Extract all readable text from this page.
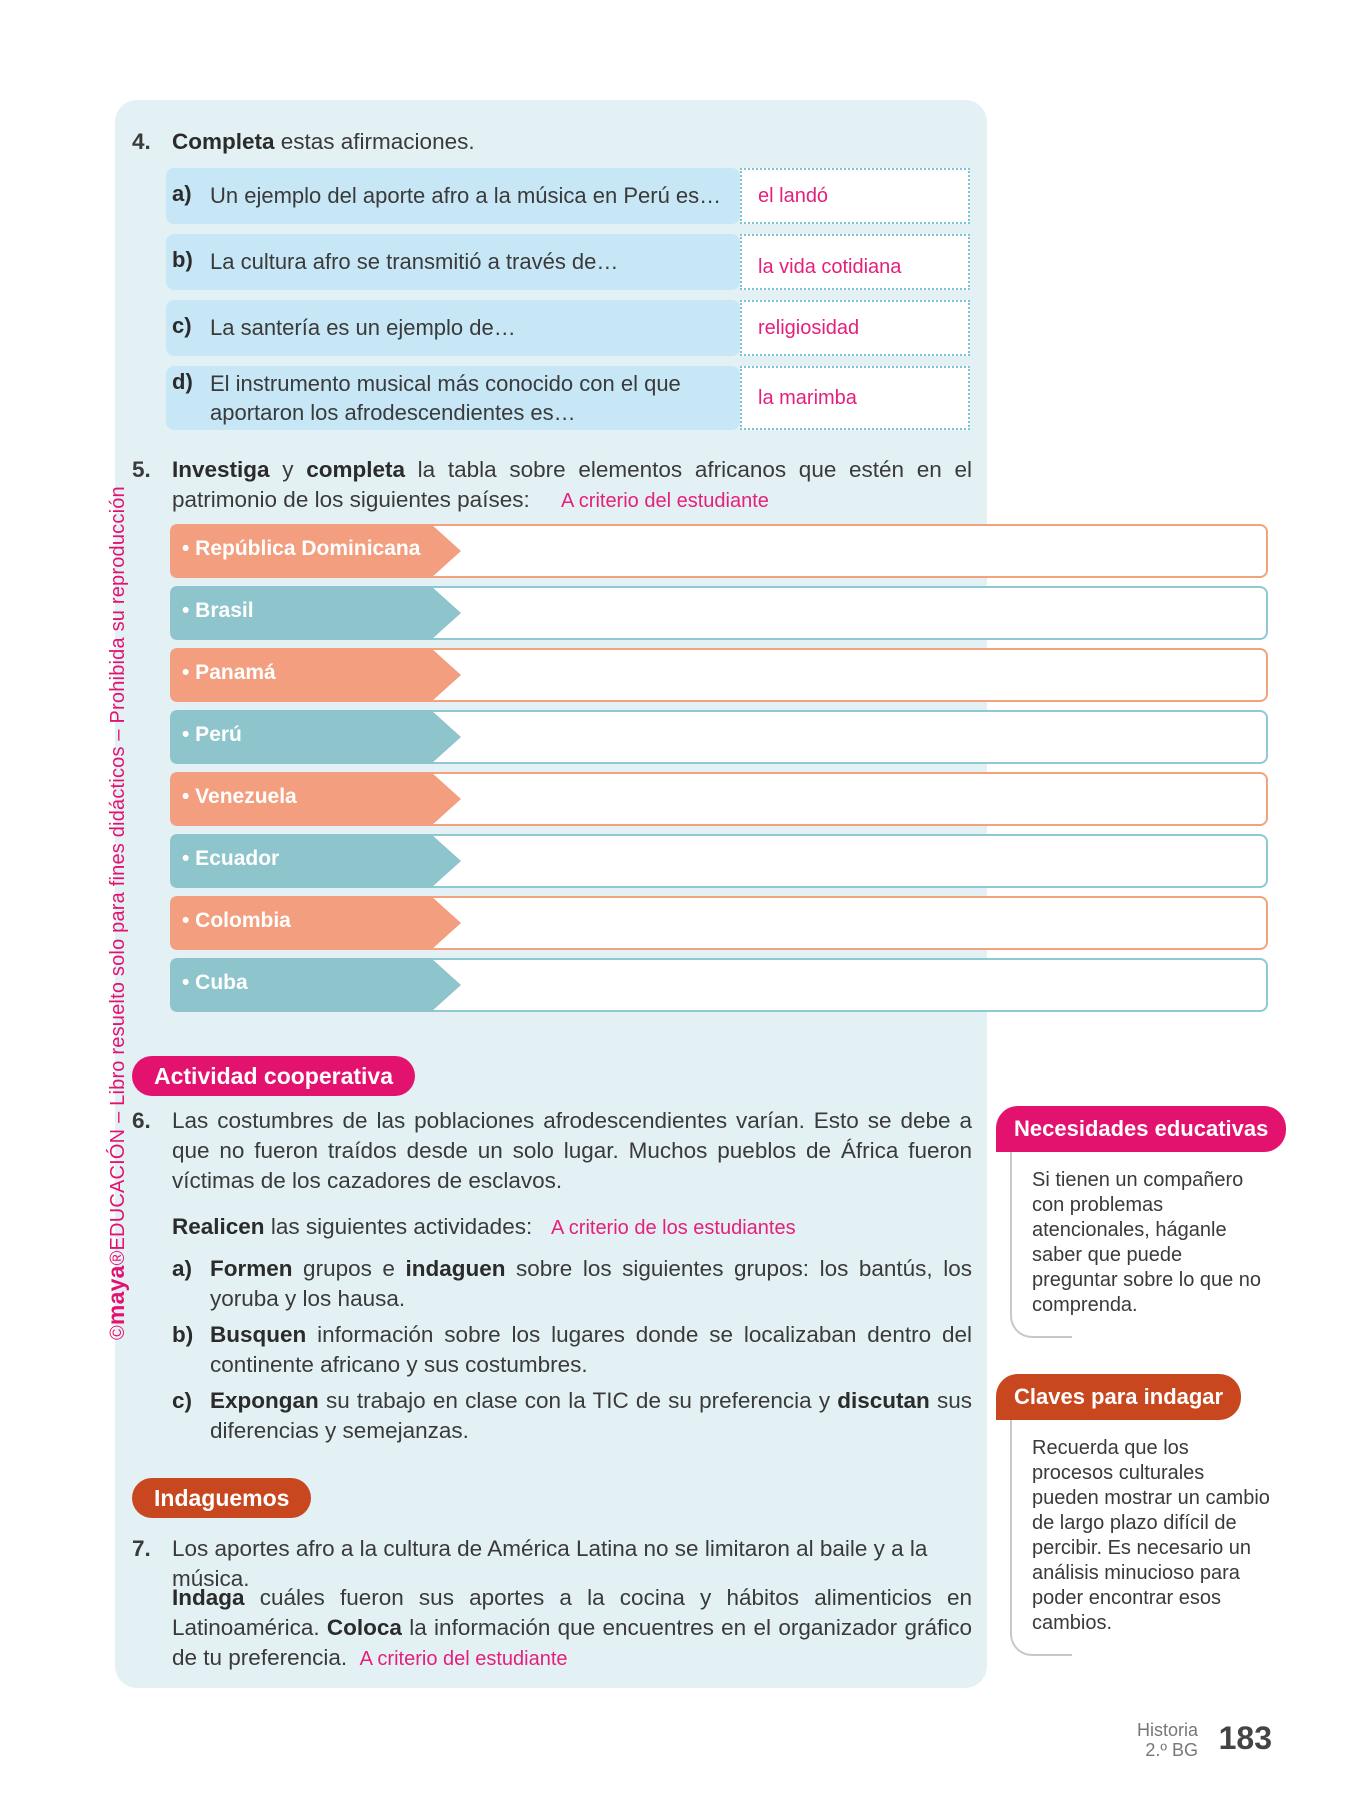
©maya®EDUCACIÓN – Libro resuelto solo para fines didácticos – Prohibida su reproducción
4. Completa estas afirmaciones.
a) Un ejemplo del aporte afro a la música en Perú es… el landó
b) La cultura afro se transmitió a través de…	la vida cotidiana
c) La santería es un ejemplo de…	religiosidad
d) El instrumento musical más conocido con el que
aportaron los afrodescendientes es…
la marimba
5. Investiga y completa la tabla sobre elementos africanos que estén en el patrimonio de los siguientes países: A criterio del estudiante
• República Dominicana
• Brasil
• Panamá
• Perú
• Venezuela
• Ecuador
• Colombia
• Cuba
Actividad cooperativa
6. Las costumbres de las poblaciones afrodescendientes varían. Esto se debe a que no fueron traídos desde un solo lugar. Muchos pueblos de África fueron víctimas de los cazadores de esclavos.
Realicen las siguientes actividades: A criterio de los estudiantes
a) Formen grupos e indaguen sobre los siguientes grupos: los bantús, los yoruba y los hausa.
b) Busquen información sobre los lugares donde se localizaban dentro del continente africano y sus costumbres.
c) Expongan su trabajo en clase con la TIC de su preferencia y discutan sus diferencias y semejanzas.
Indaguemos
7. Los aportes afro a la cultura de América Latina no se limitaron al baile y a la música.
Indaga cuáles fueron sus aportes a la cocina y hábitos alimenticios en Latinoamérica. Coloca la información que encuentres en el organizador gráfico de tu preferencia. A criterio del estudiante
Necesidades educativas
Si tienen un compañero con problemas atencionales, háganle saber que puede preguntar sobre lo que no comprenda.
Claves para indagar
Recuerda que los procesos culturales pueden mostrar un cambio de largo plazo difícil de percibir. Es necesario un análisis minucioso para poder encontrar esos cambios.
Historia
2.º BG 183
